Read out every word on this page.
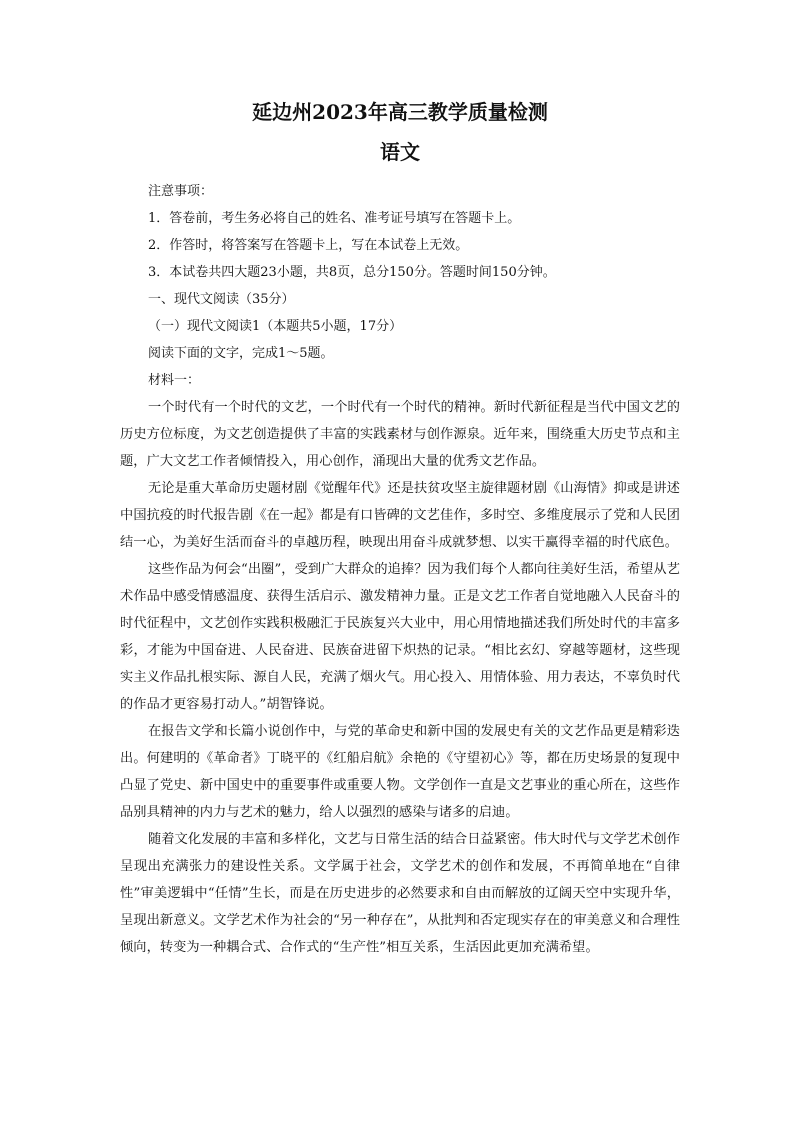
延边州2023年高三教学质量检测
语文

注意事项：

1．答卷前，考生务必将自己的姓名、准考证号填写在答题卡上。

2．作答时，将答案写在答题卡上，写在本试卷上无效。

3．本试卷共四大题23小题，共8页，总分150分。答题时间150分钟。

一、现代文阅读（35分）

（一）现代文阅读1（本题共5小题，17分）

阅读下面的文字，完成1～5题。

材料一：

一个时代有一个时代的文艺，一个时代有一个时代的精神。新时代新征程是当代中国文艺的历史方位标度，为文艺创造提供了丰富的实践素材与创作源泉。近年来，围绕重大历史节点和主题，广大文艺工作者倾情投入，用心创作，涌现出大量的优秀文艺作品。

无论是重大革命历史题材剧《觉醒年代》还是扶贫攻坚主旋律题材剧《山海情》抑或是讲述中国抗疫的时代报告剧《在一起》都是有口皆碑的文艺佳作，多时空、多维度展示了党和人民团结一心，为美好生活而奋斗的卓越历程，映现出用奋斗成就梦想、以实干赢得幸福的时代底色。

这些作品为何会“出圈”，受到广大群众的追捧？因为我们每个人都向往美好生活，希望从艺术作品中感受情感温度、获得生活启示、激发精神力量。正是文艺工作者自觉地融入人民奋斗的时代征程中，文艺创作实践积极融汇于民族复兴大业中，用心用情地描述我们所处时代的丰富多彩，才能为中国奋进、人民奋进、民族奋进留下炽热的记录。“相比玄幻、穿越等题材，这些现实主义作品扎根实际、源自人民，充满了烟火气。用心投入、用情体验、用力表达，不辜负时代的作品才更容易打动人。”胡智锋说。

在报告文学和长篇小说创作中，与党的革命史和新中国的发展史有关的文艺作品更是精彩迭出。何建明的《革命者》丁晓平的《红船启航》余艳的《守望初心》等，都在历史场景的复现中凸显了党史、新中国史中的重要事件或重要人物。文学创作一直是文艺事业的重心所在，这些作品别具精神的内力与艺术的魅力，给人以强烈的感染与诸多的启迪。

随着文化发展的丰富和多样化，文艺与日常生活的结合日益紧密。伟大时代与文学艺术创作呈现出充满张力的建设性关系。文学属于社会，文学艺术的创作和发展，不再简单地在“自律性”审美逻辑中“任情”生长，而是在历史进步的必然要求和自由而解放的辽阔天空中实现升华，呈现出新意义。文学艺术作为社会的“另一种存在”，从批判和否定现实存在的审美意义和合理性倾向，转变为一种耦合式、合作式的“生产性”相互关系，生活因此更加充满希望。
